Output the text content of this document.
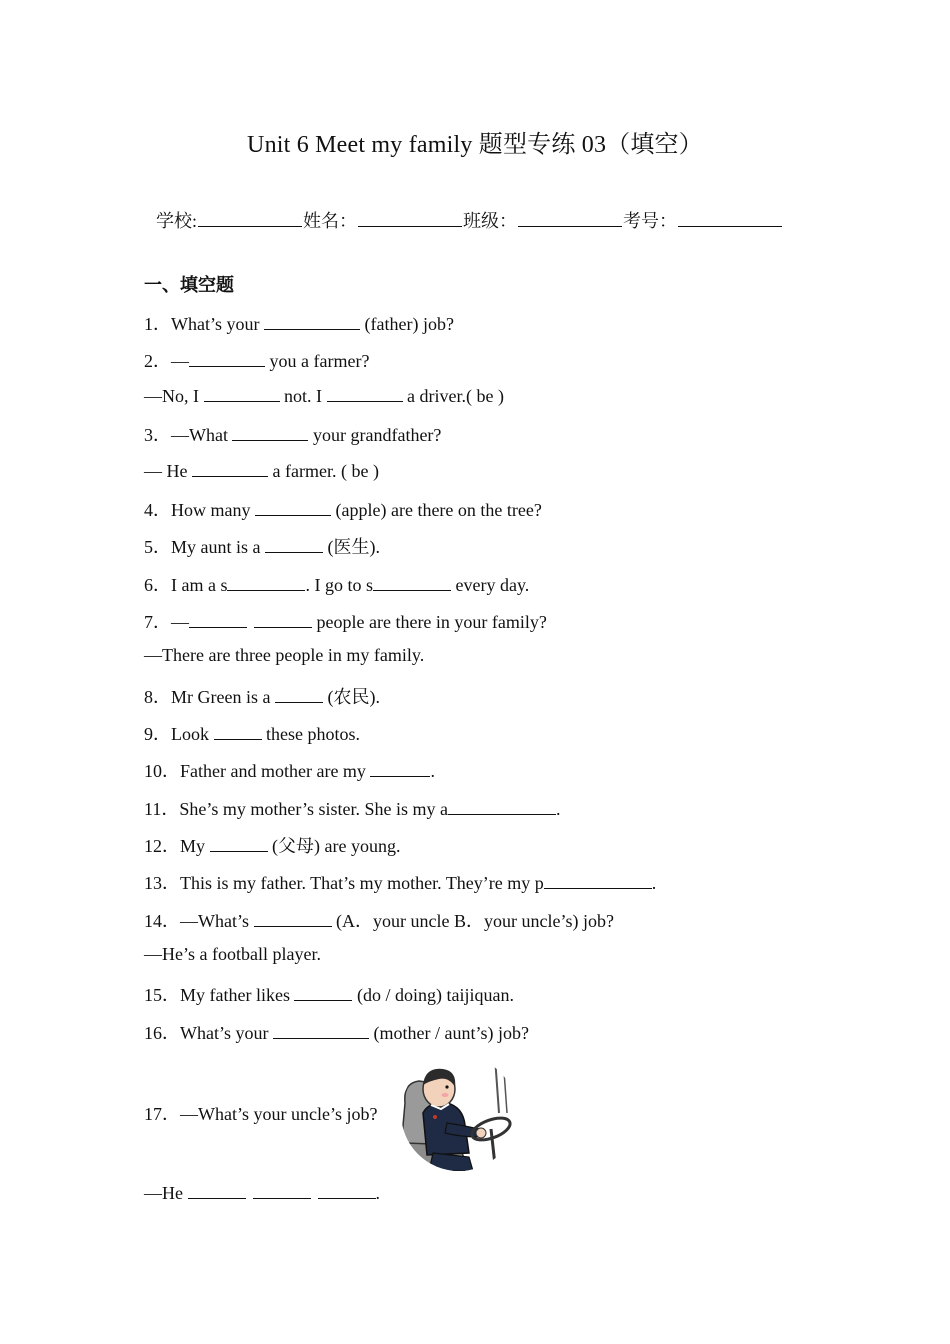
Unit 6 Meet my family 题型专练 03（填空）
学校:	姓名：	班级：	考号：
一、填空题
1．What’s your	(father) job?
2．—	you a farmer?
—No, I	not. I	a driver.( be )
3．—What	your grandfather?
— He	a farmer. ( be )
4．How many	(apple) are there on the tree?
5．My aunt is a	(医生).
6．I am a s	. I go to s	every day.
7．—	people are there in your family?
—There are three people in my family.
8．Mr Green is a	(农民).
9．Look	these photos.
10．Father and mother are my	.
11．She’s my mother’s sister. She is my a	.
12．My	(父母) are young.
13．This is my father. That’s my mother. They’re my p	.
14．—What’s	(A．your uncle B．your uncle’s) job?
—He’s a football player.
15．My father likes	(do / doing) taijiquan.
16．What’s your	(mother / aunt’s) job?
17．—What’s your uncle’s job?
—He	.
